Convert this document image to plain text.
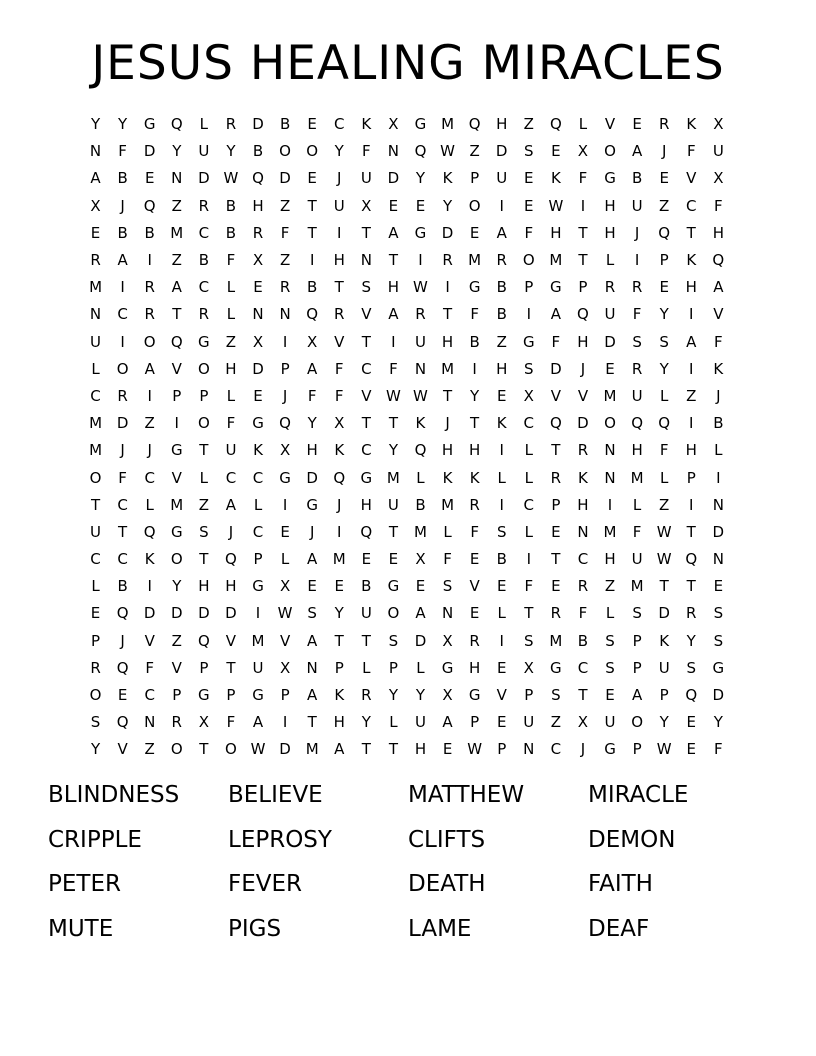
JESUS HEALING MIRACLES
Y	Y	G	Q	L	R	D	B	E	C	K	X	G M Q	H	Z	Q	L	V	E	R	K	X
N	F	D	Y	U	Y	B	O	O	Y	F	N	Q W Z	D	S	E	X	O	A	J	F	U
A	B	E	N	D W Q	D	E	J	U	D	Y	K	P	U	E	K	F	G	B	E	V	X
X	J	Q	Z	R	B	H	Z	T	U	X	E	E	Y	O	I	E W	I	H	U	Z	C	F
E	B	B	M	C	B	R	F	T	I	T	A	G	D	E	A	F	H	T	H	J	Q	T	H
R	A	I	Z	B	F	X	Z	I	H	N	T	I	R	M	R	O M	T	L	I	P	K	Q
M	I	R	A	C	L	E	R	B	T	S	H W	I	G	B	P	G	P	R	R	E	H	A
N	C	R	T	R	L	N	N	Q	R	V	A	R	T	F	B	I	A	Q	U	F	Y	I	V
U	I	O	Q	G	Z	X	I	X	V	T	I	U	H	B	Z	G	F	H	D	S	S	A	F
L	O	A	V	O	H	D	P	A	F	C	F	N M	I	H	S	D	J	E	R	Y	I	K
C	R	I	P	P	L	E	J	F	F	V W W	T	Y	E	X	V	V	M	U	L	Z	J
M D	Z	I	O	F	G	Q	Y	X	T	T	K	J	T	K	C	Q	D	O	Q	Q	I	B
M	J	J	G	T	U	K	X	H	K	C	Y	Q	H	H	I	L	T	R	N	H	F	H	L
O	F	C	V	L	C	C	G	D	Q	G M	L	K	K	L	L	R	K	N M	L	P	I
T	C	L	M	Z	A	L	I	G	J	H	U	B	M	R	I	C	P	H	I	L	Z	I	N
U	T	Q	G	S	J	C	E	J	I	Q	T	M	L	F	S	L	E	N M	F	W	T	D
C	C	K	O	T	Q	P	L	A	M	E	E	X	F	E	B	I	T	C	H	U W Q	N
L	B	I	Y	H	H	G	X	E	E	B	G	E	S	V	E	F	E	R	Z	M	T	T	E
E	Q	D	D	D	D	I	W S	Y	U	O	A	N	E	L	T	R	F	L	S	D	R	S
P	J	V	Z	Q	V	M	V	A	T	T	S	D	X	R	I	S	M	B	S	P	K	Y	S
R	Q	F	V	P	T	U	X	N	P	L	P	L	G	H	E	X	G	C	S	P	U	S	G
O	E	C	P	G	P	G	P	A	K	R	Y	Y	X	G	V	P	S	T	E	A	P	Q	D
S	Q	N	R	X	F	A	I	T	H	Y	L	U	A	P	E	U	Z	X	U	O	Y	E	Y
Y	V	Z	O	T	O W D M	A	T	T	H	E W	P	N	C	J	G	P	W E	F
BLINDNESS	BELIEVE	MATTHEW	MIRACLE
CRIPPLE	LEPROSY	CLIFTS	DEMON
PETER	FEVER	DEATH	FAITH
MUTE	PIGS	LAME	DEAF
